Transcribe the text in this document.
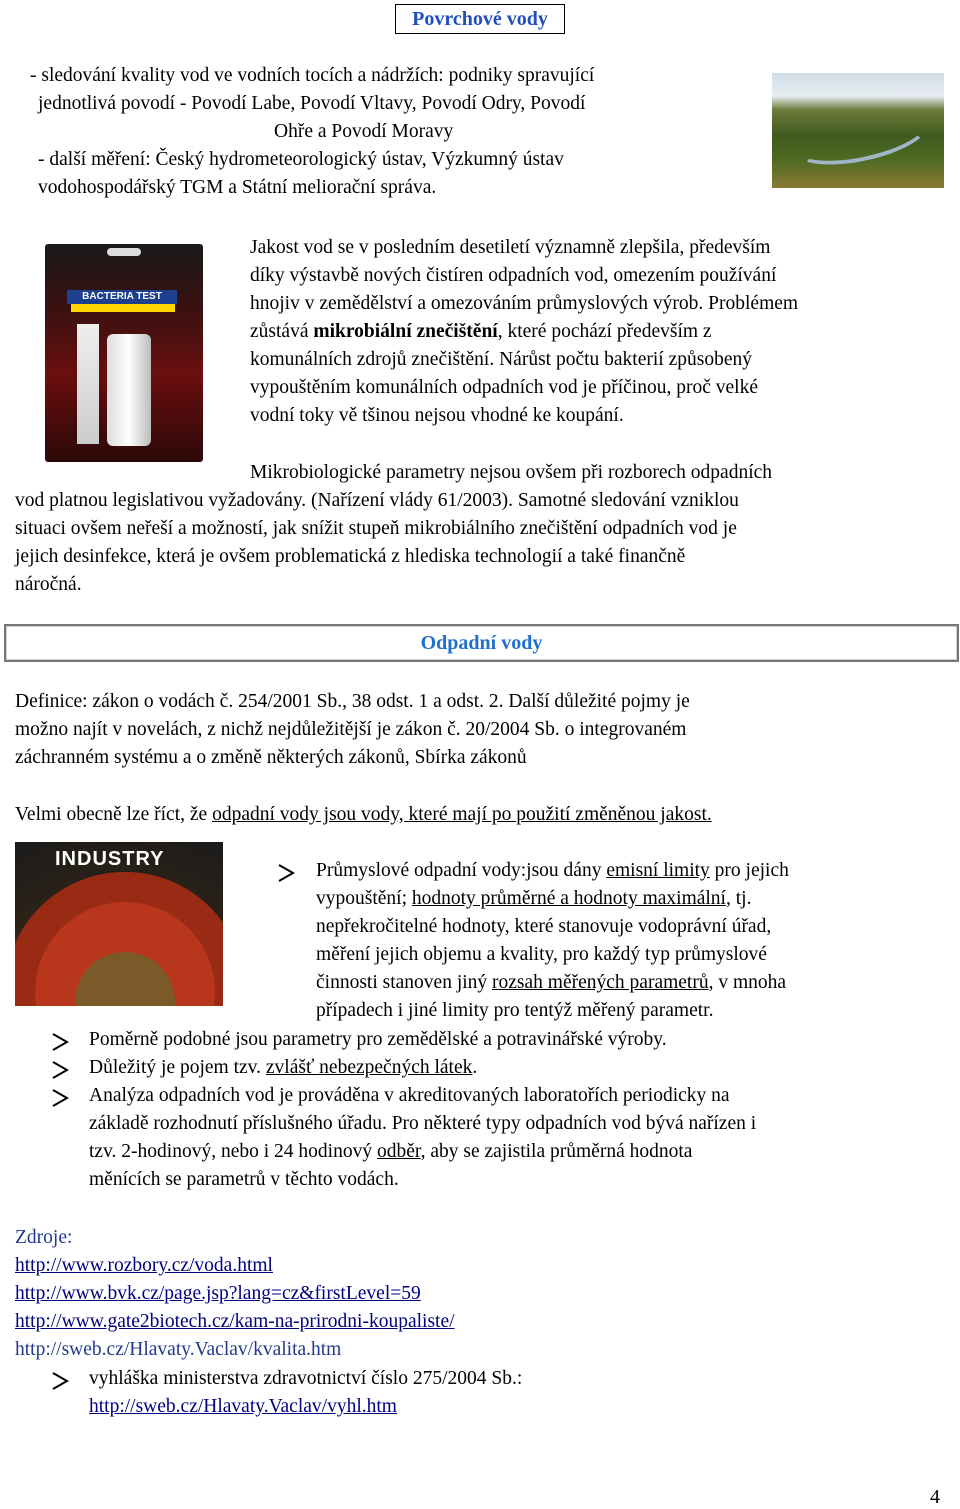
Povrchové vody
- sledování kvality vod ve vodních tocích a nádržích: podniky spravující
jednotlivá povodí - Povodí Labe, Povodí Vltavy, Povodí Odry, Povodí
Ohře a Povodí Moravy
- další měření: Český hydrometeorologický ústav, Výzkumný ústav
vodohospodářský TGM a Státní meliorační správa.
BACTERIA TEST
Jakost vod se v posledním desetiletí významně zlepšila, především
díky výstavbě nových čistíren odpadních vod, omezením používání
hnojiv v zemědělství a omezováním průmyslových výrob. Problémem
zůstává mikrobiální znečištění, které pochází především z
komunálních zdrojů znečištění. Nárůst počtu bakterií způsobený
vypouštěním komunálních odpadních vod je příčinou, proč velké
vodní toky vě tšinou nejsou vhodné ke koupání.
Mikrobiologické parametry nejsou ovšem při rozborech odpadních
vod platnou legislativou vyžadovány. (Nařízení vlády 61/2003). Samotné sledování vzniklou
situaci ovšem neřeší a možností, jak snížit stupeň mikrobiálního znečištění odpadních vod je
jejich desinfekce, která je ovšem problematická z hlediska technologií a také finančně
náročná.
Odpadní vody
Definice: zákon o vodách č. 254/2001 Sb., 38 odst. 1 a odst. 2. Další důležité pojmy je
možno najít v novelách, z nichž nejdůležitější je zákon č. 20/2004 Sb. o integrovaném
záchranném systému a o změně některých zákonů, Sbírka zákonů
Velmi obecně lze říct, že odpadní vody jsou vody, které mají po použití změněnou jakost.
INDUSTRY
Průmyslové odpadní vody:jsou dány emisní limity pro jejich
vypouštění; hodnoty průměrné a hodnoty maximální, tj.
nepřekročitelné hodnoty, které stanovuje vodoprávní úřad,
měření jejich objemu a kvality, pro každý typ průmyslové
činnosti stanoven jiný rozsah měřených parametrů, v mnoha
případech i jiné limity pro tentýž měřený parametr.
Poměrně podobné jsou parametry pro zemědělské a potravinářské výroby.
Důležitý je pojem tzv. zvlášť nebezpečných látek.
Analýza odpadních vod je prováděna v akreditovaných laboratořích periodicky na
základě rozhodnutí příslušného úřadu. Pro některé typy odpadních vod bývá nařízen i
tzv. 2-hodinový, nebo i 24 hodinový odběr, aby se zajistila průměrná hodnota
měnících se parametrů v těchto vodách.
Zdroje:
http://www.rozbory.cz/voda.html
http://www.bvk.cz/page.jsp?lang=cz&firstLevel=59
http://www.gate2biotech.cz/kam-na-prirodni-koupaliste/
http://sweb.cz/Hlavaty.Vaclav/kvalita.htm
vyhláška ministerstva zdravotnictví číslo 275/2004 Sb.:
http://sweb.cz/Hlavaty.Vaclav/vyhl.htm
4
